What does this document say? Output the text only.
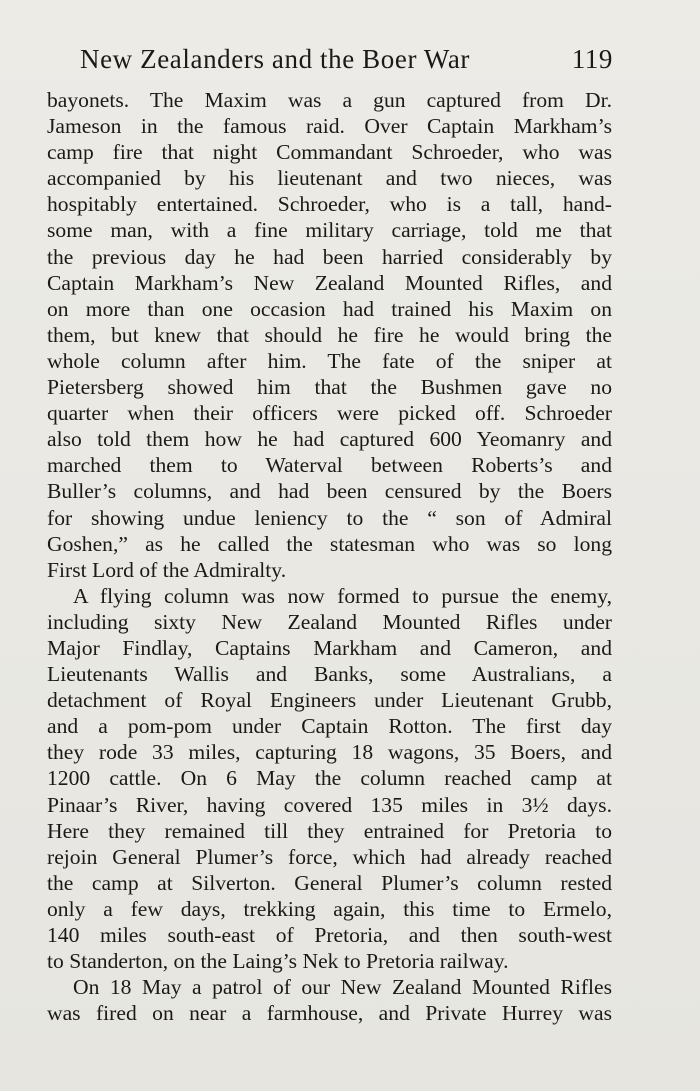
New Zealanders and the Boer War	119
bayonets. The Maxim was a gun captured from Dr.
Jameson in the famous raid. Over Captain Markham’s
camp fire that night Commandant Schroeder, who was
accompanied by his lieutenant and two nieces, was
hospitably entertained. Schroeder, who is a tall, hand-
some man, with a fine military carriage, told me that
the previous day he had been harried considerably by
Captain Markham’s New Zealand Mounted Rifles, and
on more than one occasion had trained his Maxim on
them, but knew that should he fire he would bring the
whole column after him. The fate of the sniper at
Pietersberg showed him that the Bushmen gave no
quarter when their officers were picked off. Schroeder
also told them how he had captured 600 Yeomanry and
marched them to Waterval between Roberts’s and
Buller’s columns, and had been censured by the Boers
for showing undue leniency to the “ son of Admiral
Goshen,” as he called the statesman who was so long
First Lord of the Admiralty.
A flying column was now formed to pursue the enemy,
including sixty New Zealand Mounted Rifles under
Major Findlay, Captains Markham and Cameron, and
Lieutenants Wallis and Banks, some Australians, a
detachment of Royal Engineers under Lieutenant Grubb,
and a pom-pom under Captain Rotton. The first day
they rode 33 miles, capturing 18 wagons, 35 Boers, and
1200 cattle. On 6 May the column reached camp at
Pinaar’s River, having covered 135 miles in 3½ days.
Here they remained till they entrained for Pretoria to
rejoin General Plumer’s force, which had already reached
the camp at Silverton. General Plumer’s column rested
only a few days, trekking again, this time to Ermelo,
140 miles south-east of Pretoria, and then south-west
to Standerton, on the Laing’s Nek to Pretoria railway.
On 18 May a patrol of our New Zealand Mounted Rifles
was fired on near a farmhouse, and Private Hurrey was
